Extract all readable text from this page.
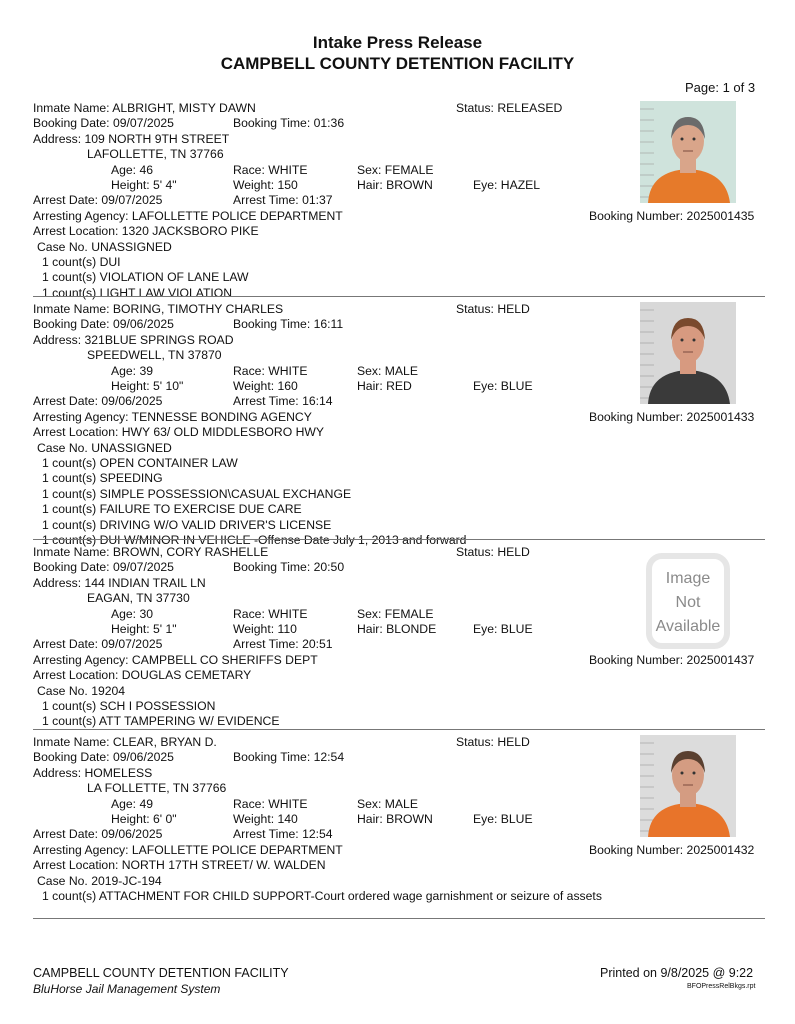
Intake Press Release
CAMPBELL COUNTY DETENTION FACILITY
Page: 1 of 3
Inmate Name: ALBRIGHT, MISTY DAWN	Status: RELEASED
Booking Date: 09/07/2025	Booking Time: 01:36
Address: 109 NORTH 9TH STREET
LAFOLLETTE, TN 37766
Age: 46	Race: WHITE	Sex: FEMALE
Height: 5' 4"	Weight: 150	Hair: BROWN	Eye: HAZEL
Arrest Date: 09/07/2025	Arrest Time: 01:37
Arresting Agency: LAFOLLETTE POLICE DEPARTMENT	Booking Number: 2025001435
Arrest Location: 1320 JACKSBORO PIKE
Case No. UNASSIGNED
1 count(s) DUI
1 count(s) VIOLATION OF LANE LAW
1 count(s) LIGHT LAW VIOLATION
Inmate Name: BORING, TIMOTHY CHARLES	Status: HELD
Booking Date: 09/06/2025	Booking Time: 16:11
Address: 321BLUE SPRINGS ROAD
SPEEDWELL, TN 37870
Age: 39	Race: WHITE	Sex: MALE
Height: 5' 10"	Weight: 160	Hair: RED	Eye: BLUE
Arrest Date: 09/06/2025	Arrest Time: 16:14
Arresting Agency: TENNESSE BONDING AGENCY	Booking Number: 2025001433
Arrest Location: HWY 63/ OLD MIDDLESBORO HWY
Case No. UNASSIGNED
1 count(s) OPEN CONTAINER LAW
1 count(s) SPEEDING
1 count(s) SIMPLE POSSESSION\CASUAL EXCHANGE
1 count(s) FAILURE TO EXERCISE DUE CARE
1 count(s) DRIVING W/O VALID DRIVER'S LICENSE
1 count(s) DUI W/MINOR IN VEHICLE -Offense Date July 1, 2013 and forward
Inmate Name: BROWN, CORY RASHELLE	Status: HELD
Booking Date: 09/07/2025	Booking Time: 20:50
Address: 144 INDIAN TRAIL LN
EAGAN, TN 37730
Age: 30	Race: WHITE	Sex: FEMALE
Height: 5' 1"	Weight: 110	Hair: BLONDE	Eye: BLUE
Arrest Date: 09/07/2025	Arrest Time: 20:51
Arresting Agency: CAMPBELL CO SHERIFFS DEPT	Booking Number: 2025001437
Arrest Location: DOUGLAS CEMETARY
Case No. 19204
1 count(s) SCH I POSSESSION
1 count(s) ATT TAMPERING W/ EVIDENCE
Image
Not
Available
Inmate Name: CLEAR, BRYAN D.	Status: HELD
Booking Date: 09/06/2025	Booking Time: 12:54
Address: HOMELESS
LA FOLLETTE, TN 37766
Age: 49	Race: WHITE	Sex: MALE
Height: 6' 0"	Weight: 140	Hair: BROWN	Eye: BLUE
Arrest Date: 09/06/2025	Arrest Time: 12:54
Arresting Agency: LAFOLLETTE POLICE DEPARTMENT	Booking Number: 2025001432
Arrest Location: NORTH 17TH STREET/ W. WALDEN
Case No. 2019-JC-194
1 count(s) ATTACHMENT FOR CHILD SUPPORT-Court ordered wage garnishment or seizure of assets
CAMPBELL COUNTY DETENTION FACILITY
BluHorse Jail Management System
Printed on 9/8/2025 @ 9:22
BFOPressRelBkgs.rpt
